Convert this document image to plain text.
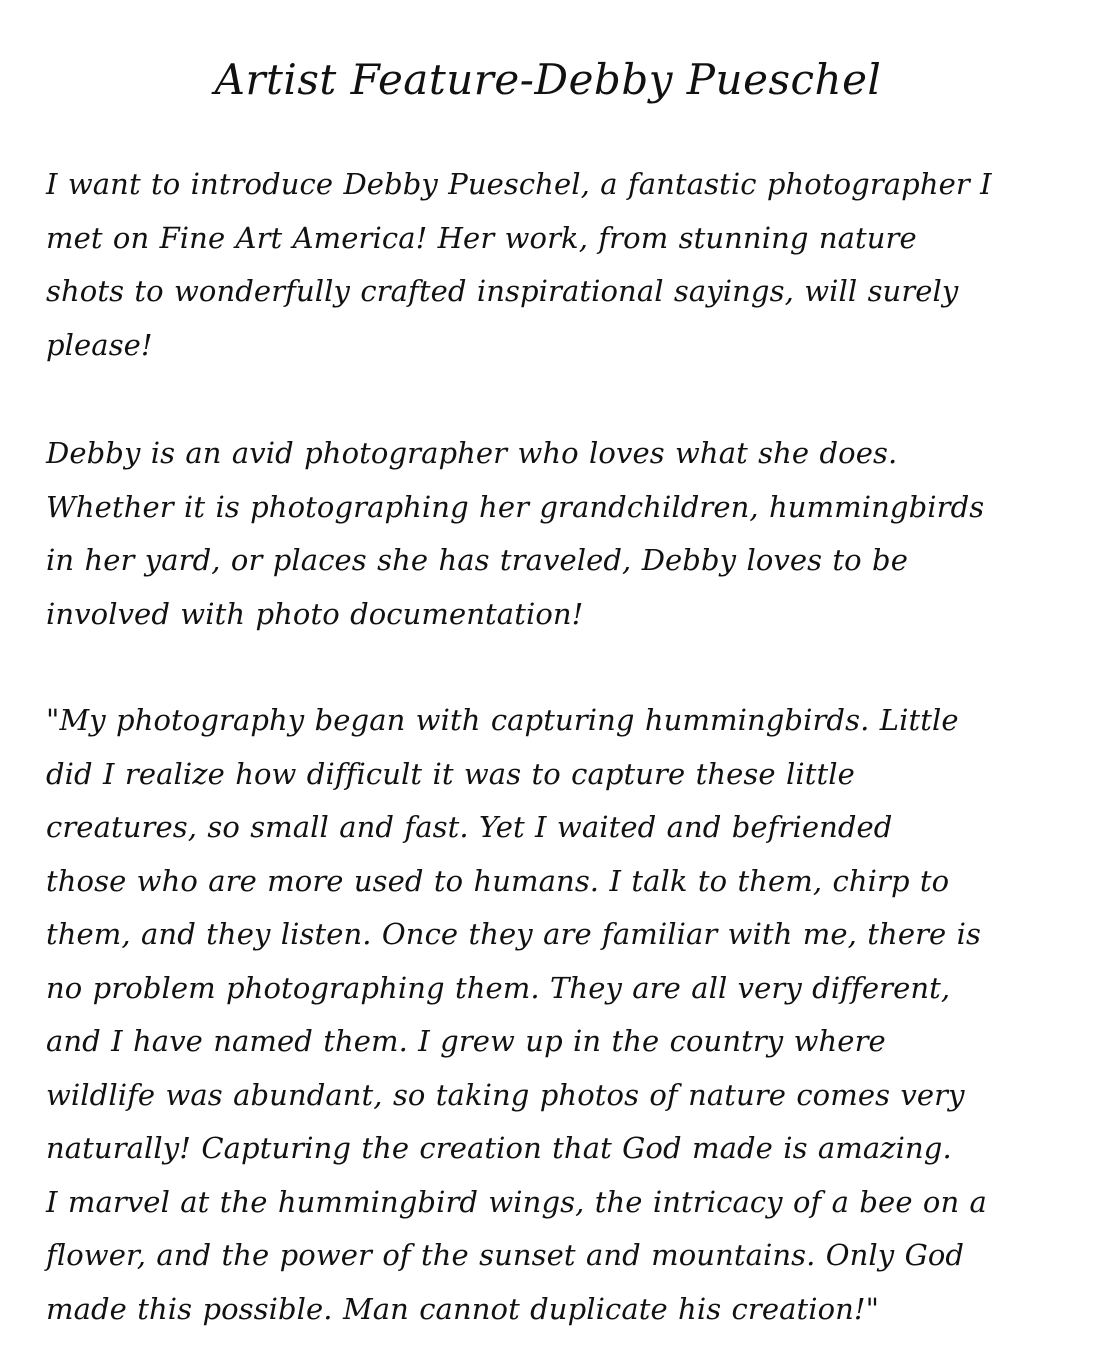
Artist Feature-Debby Pueschel

I want to introduce Debby Pueschel, a fantastic photographer I
met on Fine Art America! Her work, from stunning nature
shots to wonderfully crafted inspirational sayings, will surely
please!

Debby is an avid photographer who loves what she does.
Whether it is photographing her grandchildren, hummingbirds
in her yard, or places she has traveled, Debby loves to be
involved with photo documentation!

"My photography began with capturing hummingbirds. Little
did I realize how difficult it was to capture these little
creatures, so small and fast. Yet I waited and befriended
those who are more used to humans. I talk to them, chirp to
them, and they listen. Once they are familiar with me, there is
no problem photographing them. They are all very different,
and I have named them. I grew up in the country where
wildlife was abundant, so taking photos of nature comes very
naturally! Capturing the creation that God made is amazing.
I marvel at the hummingbird wings, the intricacy of a bee on a
flower, and the power of the sunset and mountains. Only God
made this possible. Man cannot duplicate his creation!"
